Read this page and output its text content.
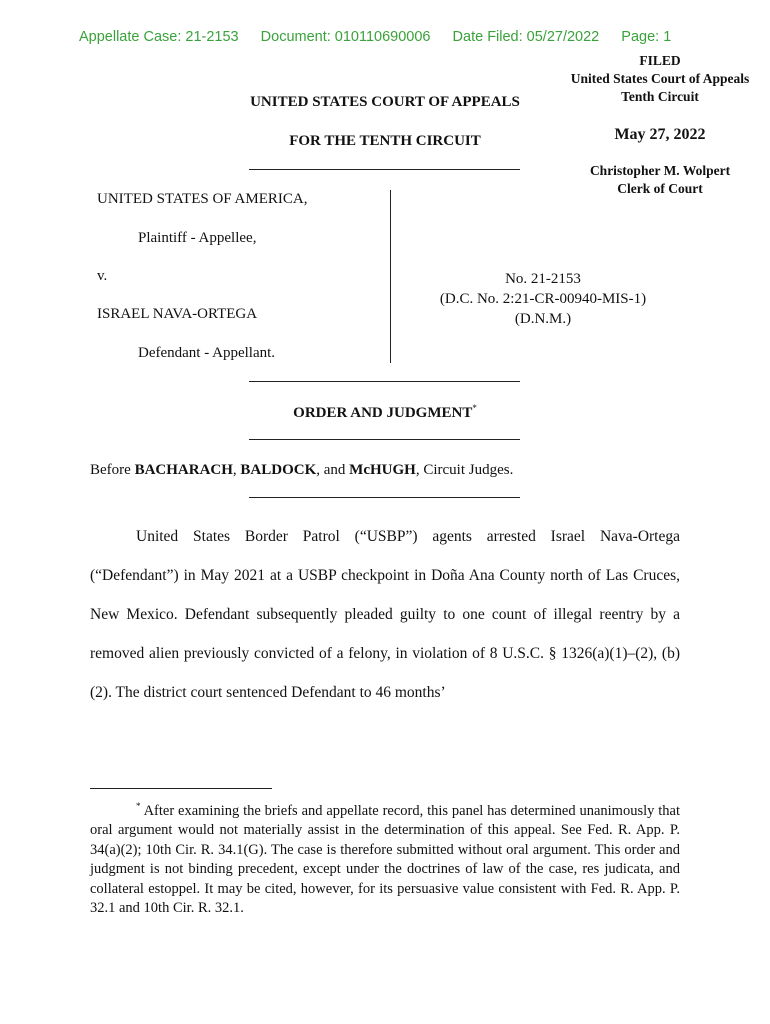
Appellate Case: 21-2153 Document: 010110690006 Date Filed: 05/27/2022 Page: 1
FILED
United States Court of Appeals
Tenth Circuit
May 27, 2022
Christopher M. Wolpert
Clerk of Court
UNITED STATES COURT OF APPEALS
FOR THE TENTH CIRCUIT
UNITED STATES OF AMERICA,
Plaintiff - Appellee,
v.
ISRAEL NAVA-ORTEGA
Defendant - Appellant.
No. 21-2153
(D.C. No. 2:21-CR-00940-MIS-1)
(D.N.M.)
ORDER AND JUDGMENT*
Before BACHARACH, BALDOCK, and McHUGH, Circuit Judges.
United States Border Patrol (“USBP”) agents arrested Israel Nava-Ortega (“Defendant”) in May 2021 at a USBP checkpoint in Doña Ana County north of Las Cruces, New Mexico. Defendant subsequently pleaded guilty to one count of illegal reentry by a removed alien previously convicted of a felony, in violation of 8 U.S.C. § 1326(a)(1)–(2), (b)(2). The district court sentenced Defendant to 46 months’
* After examining the briefs and appellate record, this panel has determined unanimously that oral argument would not materially assist in the determination of this appeal. See Fed. R. App. P. 34(a)(2); 10th Cir. R. 34.1(G). The case is therefore submitted without oral argument. This order and judgment is not binding precedent, except under the doctrines of law of the case, res judicata, and collateral estoppel. It may be cited, however, for its persuasive value consistent with Fed. R. App. P. 32.1 and 10th Cir. R. 32.1.
